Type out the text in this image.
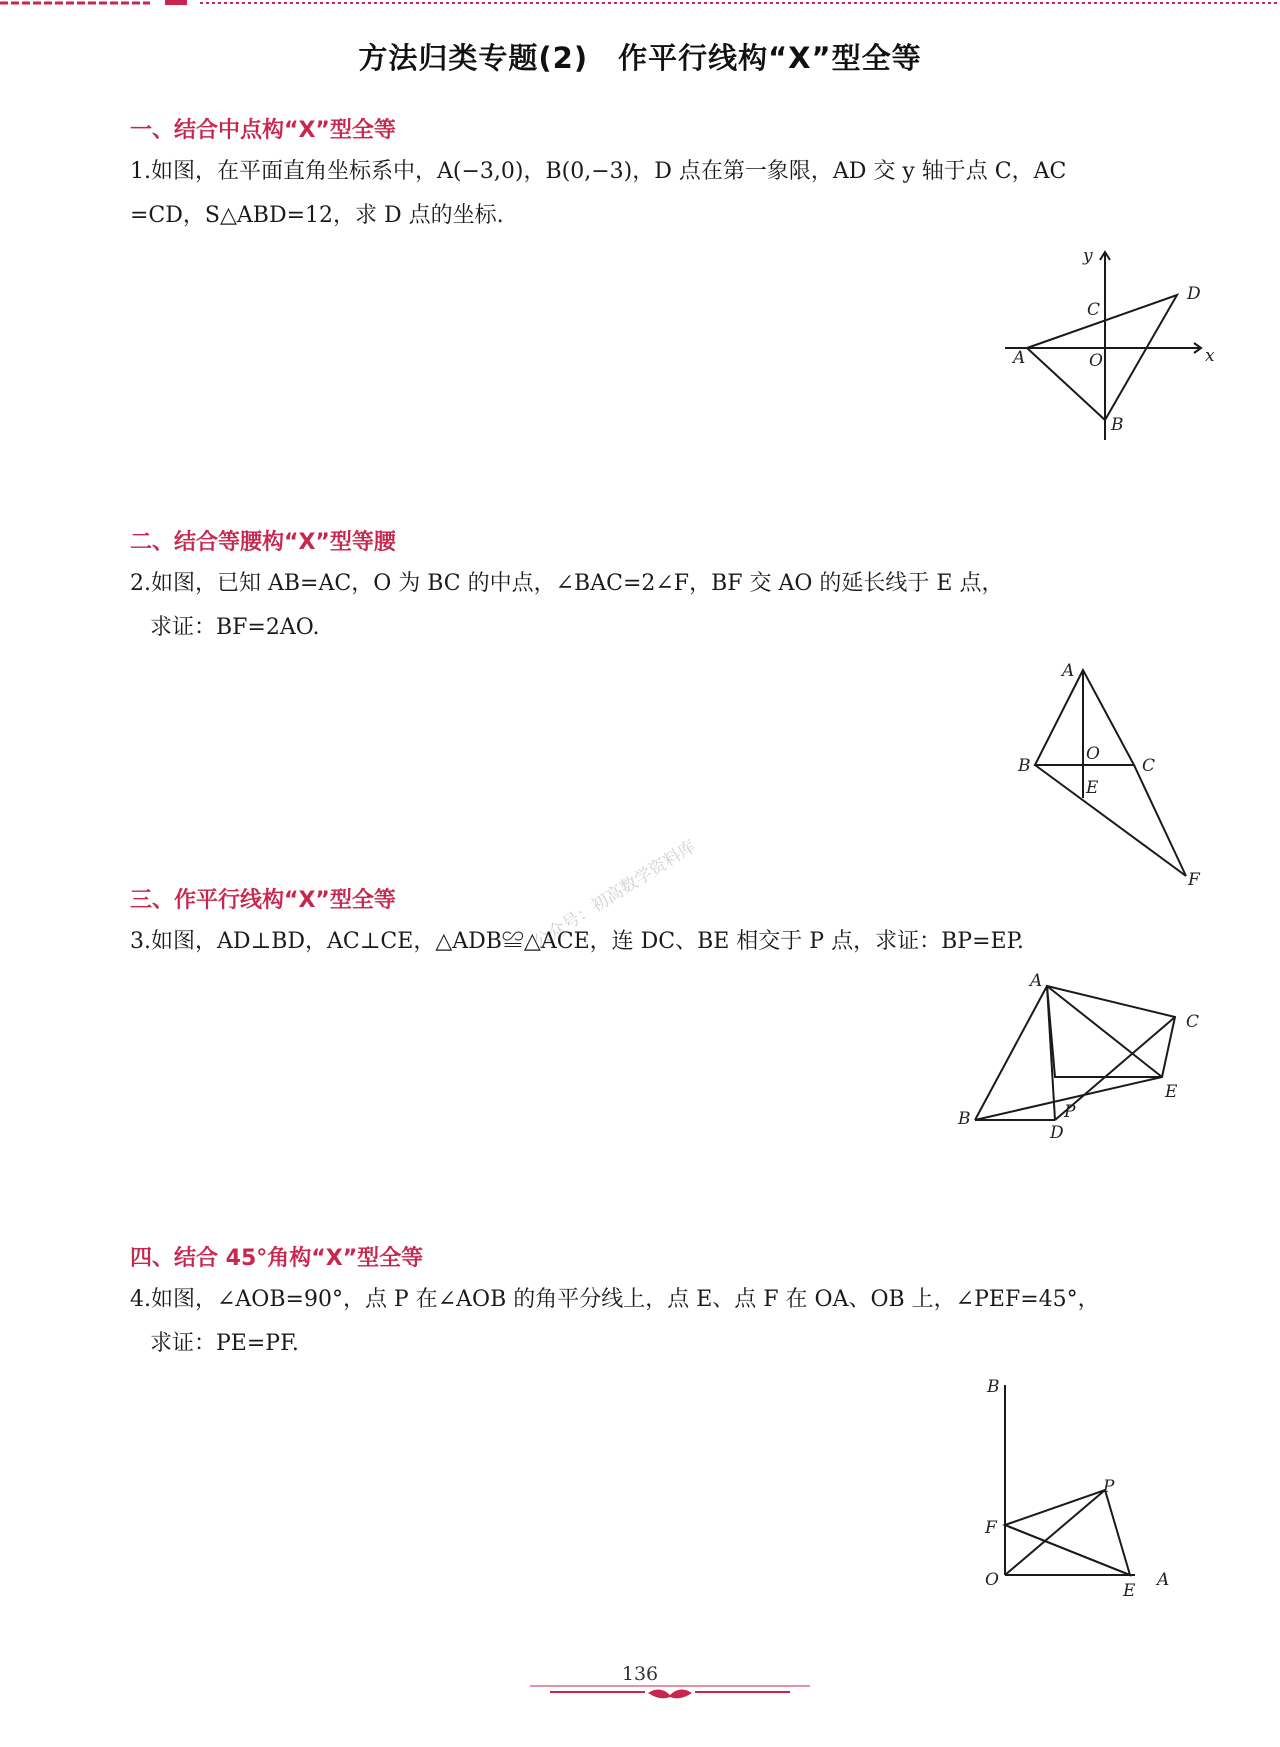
方法归类专题(2)　作平行线构“X”型全等
一、结合中点构“X”型全等
1.如图，在平面直角坐标系中，A(−3,0)，B(0,−3)，D 点在第一象限，AD 交 y 轴于点 C，AC
=CD，S△ABD=12，求 D 点的坐标.
y
x
D
C
A	O
B
二、结合等腰构“X”型等腰
2.如图，已知 AB=AC，O 为 BC 的中点，∠BAC=2∠F，BF 交 AO 的延长线于 E 点，
求证：BF=2AO.
A
B
O
C
E
F
三、作平行线构“X”型全等
3.如图，AD⊥BD，AC⊥CE，△ADB≌△ACE，连 DC、BE 相交于 P 点，求证：BP=EP.
A
C
E
B	P
D
公众号：初高数学资料库
四、结合 45°角构“X”型全等
4.如图，∠AOB=90°，点 P 在∠AOB 的角平分线上，点 E、点 F 在 OA、OB 上，∠PEF=45°，
求证：PE=PF.
B
P
F
O
E
A
136
